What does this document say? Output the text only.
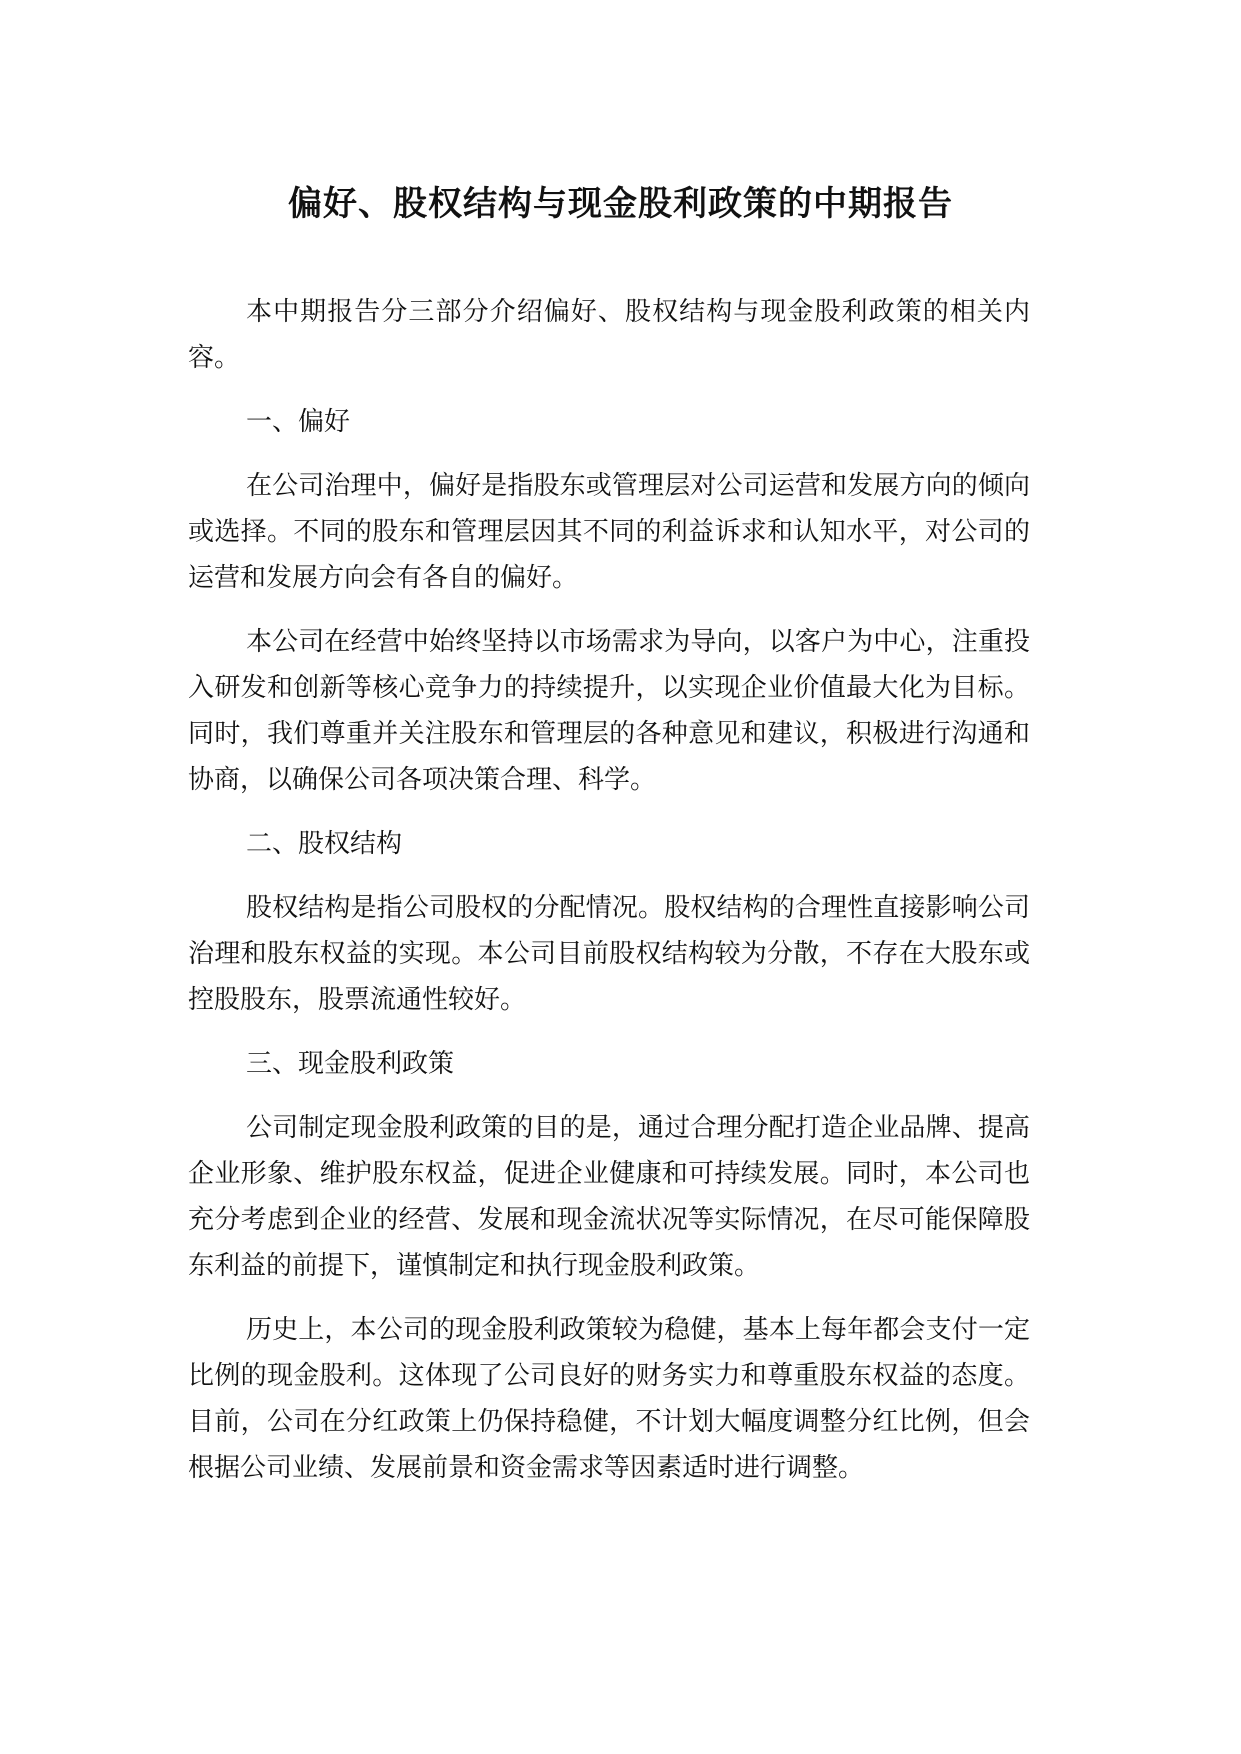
偏好、股权结构与现金股利政策的中期报告

本中期报告分三部分介绍偏好、股权结构与现金股利政策的相关内容。

一、偏好

在公司治理中，偏好是指股东或管理层对公司运营和发展方向的倾向或选择。不同的股东和管理层因其不同的利益诉求和认知水平，对公司的运营和发展方向会有各自的偏好。

本公司在经营中始终坚持以市场需求为导向，以客户为中心，注重投入研发和创新等核心竞争力的持续提升，以实现企业价值最大化为目标。同时，我们尊重并关注股东和管理层的各种意见和建议，积极进行沟通和协商，以确保公司各项决策合理、科学。

二、股权结构

股权结构是指公司股权的分配情况。股权结构的合理性直接影响公司治理和股东权益的实现。本公司目前股权结构较为分散，不存在大股东或控股股东，股票流通性较好。

三、现金股利政策

公司制定现金股利政策的目的是，通过合理分配打造企业品牌、提高企业形象、维护股东权益，促进企业健康和可持续发展。同时，本公司也充分考虑到企业的经营、发展和现金流状况等实际情况，在尽可能保障股东利益的前提下，谨慎制定和执行现金股利政策。

历史上，本公司的现金股利政策较为稳健，基本上每年都会支付一定比例的现金股利。这体现了公司良好的财务实力和尊重股东权益的态度。目前，公司在分红政策上仍保持稳健，不计划大幅度调整分红比例，但会根据公司业绩、发展前景和资金需求等因素适时进行调整。
